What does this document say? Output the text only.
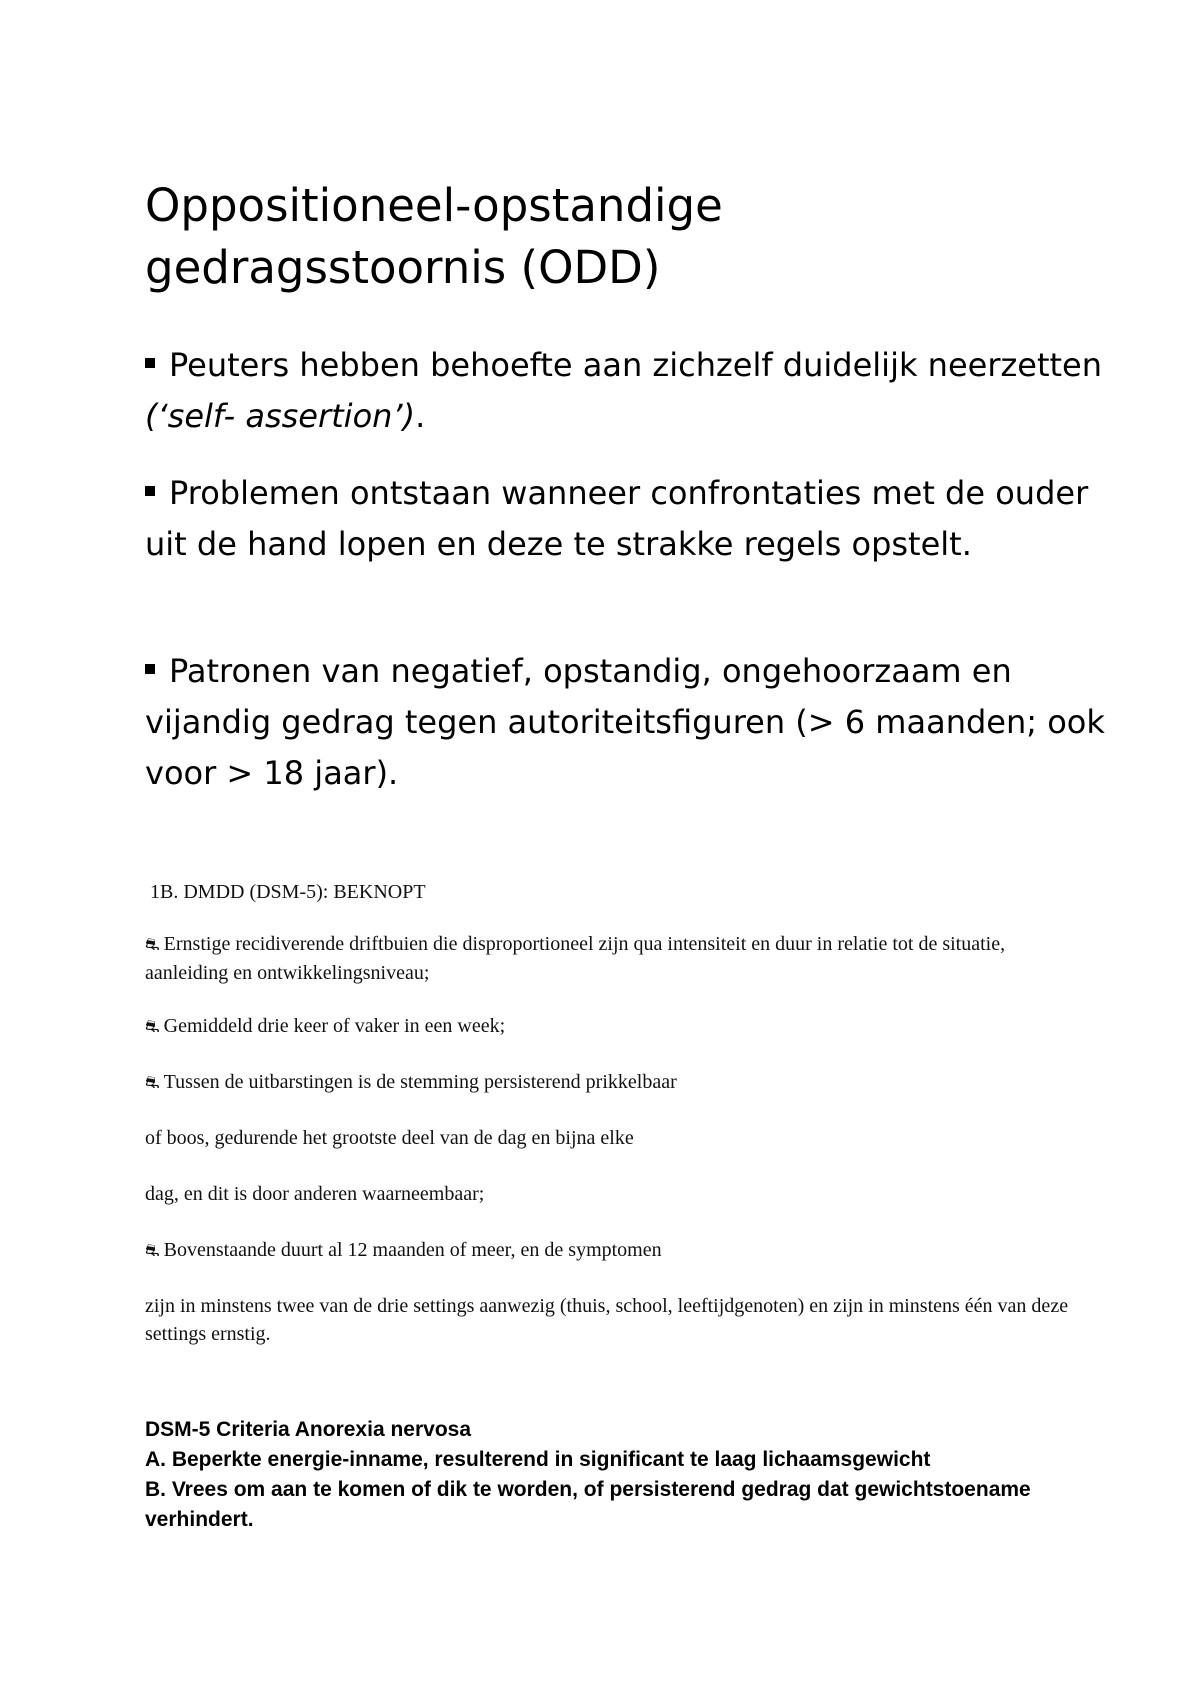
Oppositioneel-opstandige
gedragsstoornis (ODD)

Peuters hebben behoefte aan zichzelf duidelijk neerzetten (‘self- assertion’).

Problemen ontstaan wanneer confrontaties met de ouder uit de hand lopen en deze te strakke regels opstelt.

Patronen van negatief, opstandig, ongehoorzaam en vijandig gedrag tegen autoriteitsfiguren (> 6 maanden; ook voor > 18 jaar).

1B. DMDD (DSM-5): BEKNOPT

⛐ Ernstige recidiverende driftbuien die disproportioneel zijn qua intensiteit en duur in relatie tot de situatie, aanleiding en ontwikkelingsniveau;

⛐ Gemiddeld drie keer of vaker in een week;

⛐ Tussen de uitbarstingen is de stemming persisterend prikkelbaar

of boos, gedurende het grootste deel van de dag en bijna elke

dag, en dit is door anderen waarneembaar;

⛐ Bovenstaande duurt al 12 maanden of meer, en de symptomen

zijn in minstens twee van de drie settings aanwezig (thuis, school, leeftijdgenoten) en zijn in minstens één van deze settings ernstig.

DSM-5 Criteria Anorexia nervosa

A. Beperkte energie-inname, resulterend in significant te laag lichaamsgewicht

B. Vrees om aan te komen of dik te worden, of persisterend gedrag dat gewichtstoename verhindert.
